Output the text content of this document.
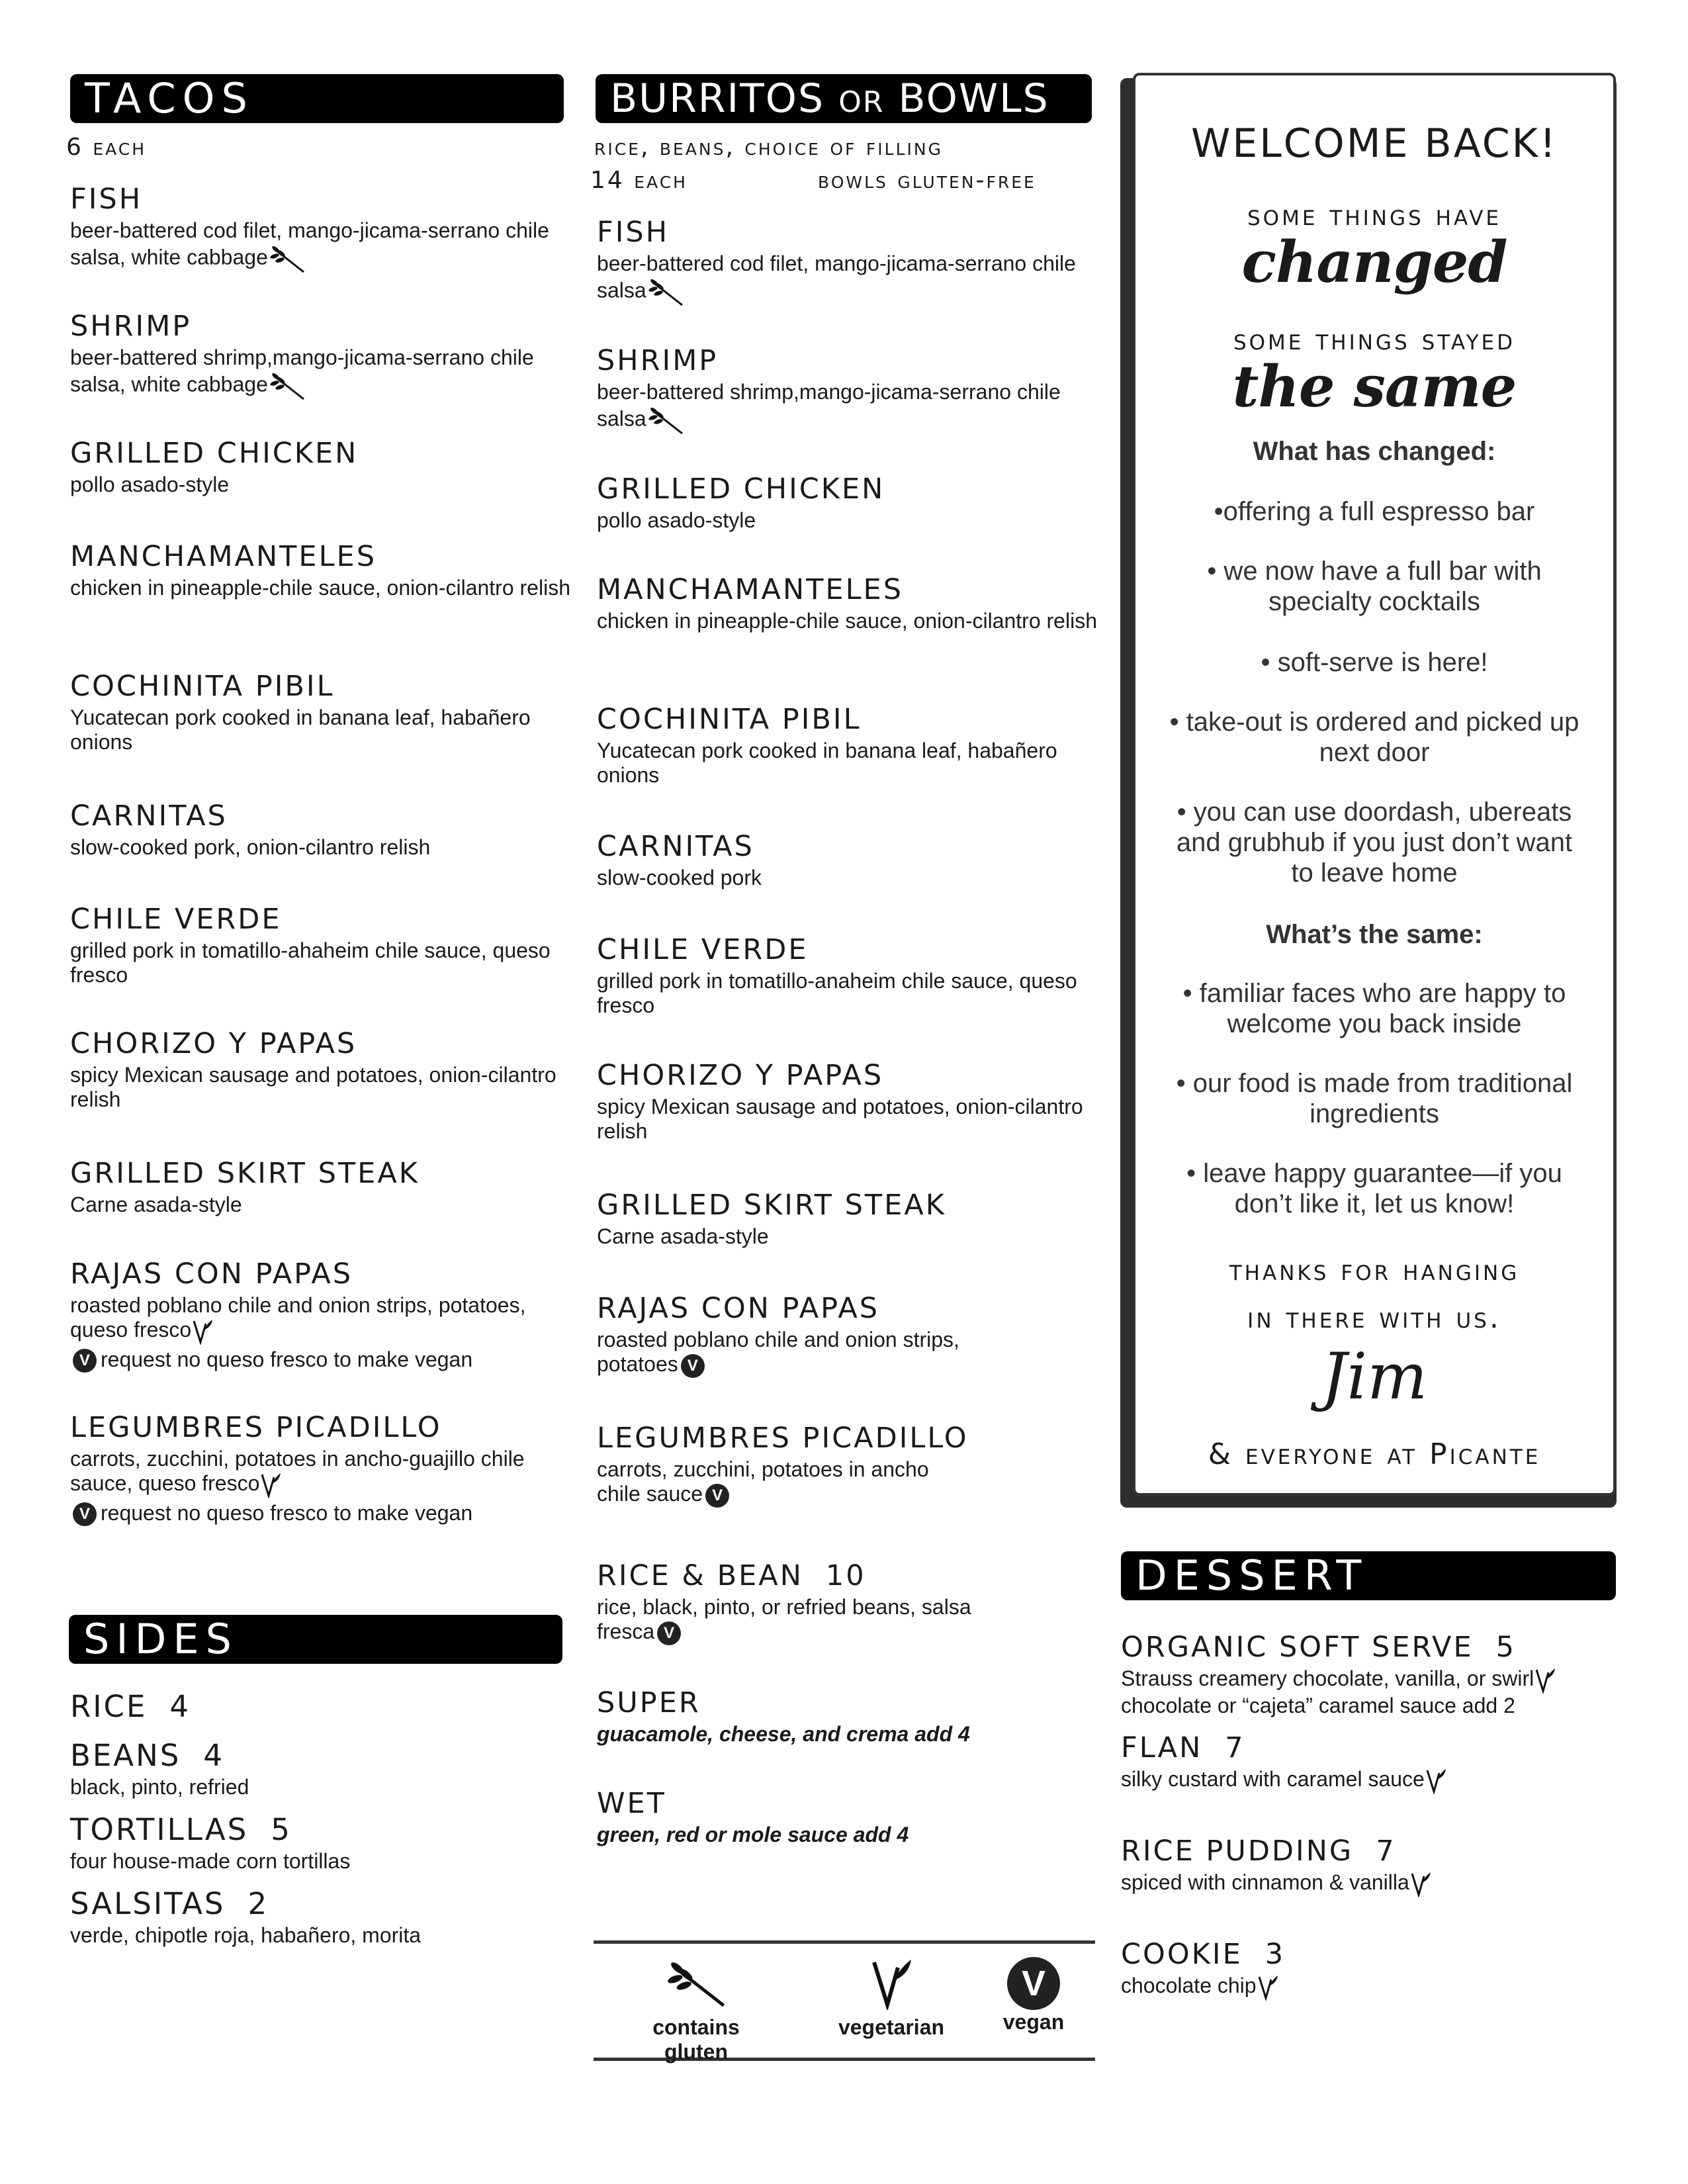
TACOS
6 each
FISH
beer-battered cod filet, mango-jicama-serrano chile salsa, white cabbage
SHRIMP
beer-battered shrimp,mango-jicama-serrano chile salsa, white cabbage
GRILLED CHICKEN
pollo asado-style
MANCHAMANTELES
chicken in pineapple-chile sauce, onion-cilantro relish
COCHINITA PIBIL
Yucatecan pork cooked in banana leaf, habañero onions
CARNITAS
slow-cooked pork, onion-cilantro relish
CHILE VERDE
grilled pork in tomatillo-ahaheim chile sauce, queso fresco
CHORIZO Y PAPAS
spicy Mexican sausage and potatoes, onion-cilantro relish
GRILLED SKIRT STEAK
Carne asada-style
RAJAS CON PAPAS
roasted poblano chile and onion strips, potatoes, queso fresco
V request no queso fresco to make vegan
LEGUMBRES PICADILLO
carrots, zucchini, potatoes in ancho-guajillo chile sauce, queso fresco
V request no queso fresco to make vegan
SIDES
RICE 4
BEANS 4
black, pinto, refried
TORTILLAS 5
four house-made corn tortillas
SALSITAS 2
verde, chipotle roja, habañero, morita
BURRITOS OR BOWLS
rice, beans, choice of filling
14 each	bowls gluten-free
FISH
beer-battered cod filet, mango-jicama-serrano chile salsa
SHRIMP
beer-battered shrimp,mango-jicama-serrano chile salsa
GRILLED CHICKEN
pollo asado-style
MANCHAMANTELES
chicken in pineapple-chile sauce, onion-cilantro relish
COCHINITA PIBIL
Yucatecan pork cooked in banana leaf, habañero onions
CARNITAS
slow-cooked pork
CHILE VERDE
grilled pork in tomatillo-anaheim chile sauce, queso fresco
CHORIZO Y PAPAS
spicy Mexican sausage and potatoes, onion-cilantro relish
GRILLED SKIRT STEAK
Carne asada-style
RAJAS CON PAPAS
roasted poblano chile and onion strips, potatoes V
LEGUMBRES PICADILLO
carrots, zucchini, potatoes in ancho chile sauce V
RICE & BEAN 10
rice, black, pinto, or refried beans, salsa fresca V
SUPER
guacamole, cheese, and crema add 4
WET
green, red or mole sauce add 4
contains gluten
vegetarian
V
vegan
WELCOME BACK!
some things have
changed
some things stayed
the same
What has changed:
•offering a full espresso bar
• we now have a full bar with specialty cocktails
• soft-serve is here!
• take-out is ordered and picked up next door
• you can use doordash, ubereats and grubhub if you just don’t want to leave home
What’s the same:
• familiar faces who are happy to welcome you back inside
• our food is made from traditional ingredients
• leave happy guarantee—if you don’t like it, let us know!
thanks for hanging
in there with us.
Jim
& everyone at Picante
DESSERT
ORGANIC SOFT SERVE 5
Strauss creamery chocolate, vanilla, or swirl
chocolate or “cajeta” caramel sauce add 2
FLAN 7
silky custard with caramel sauce
RICE PUDDING 7
spiced with cinnamon & vanilla
COOKIE 3
chocolate chip
